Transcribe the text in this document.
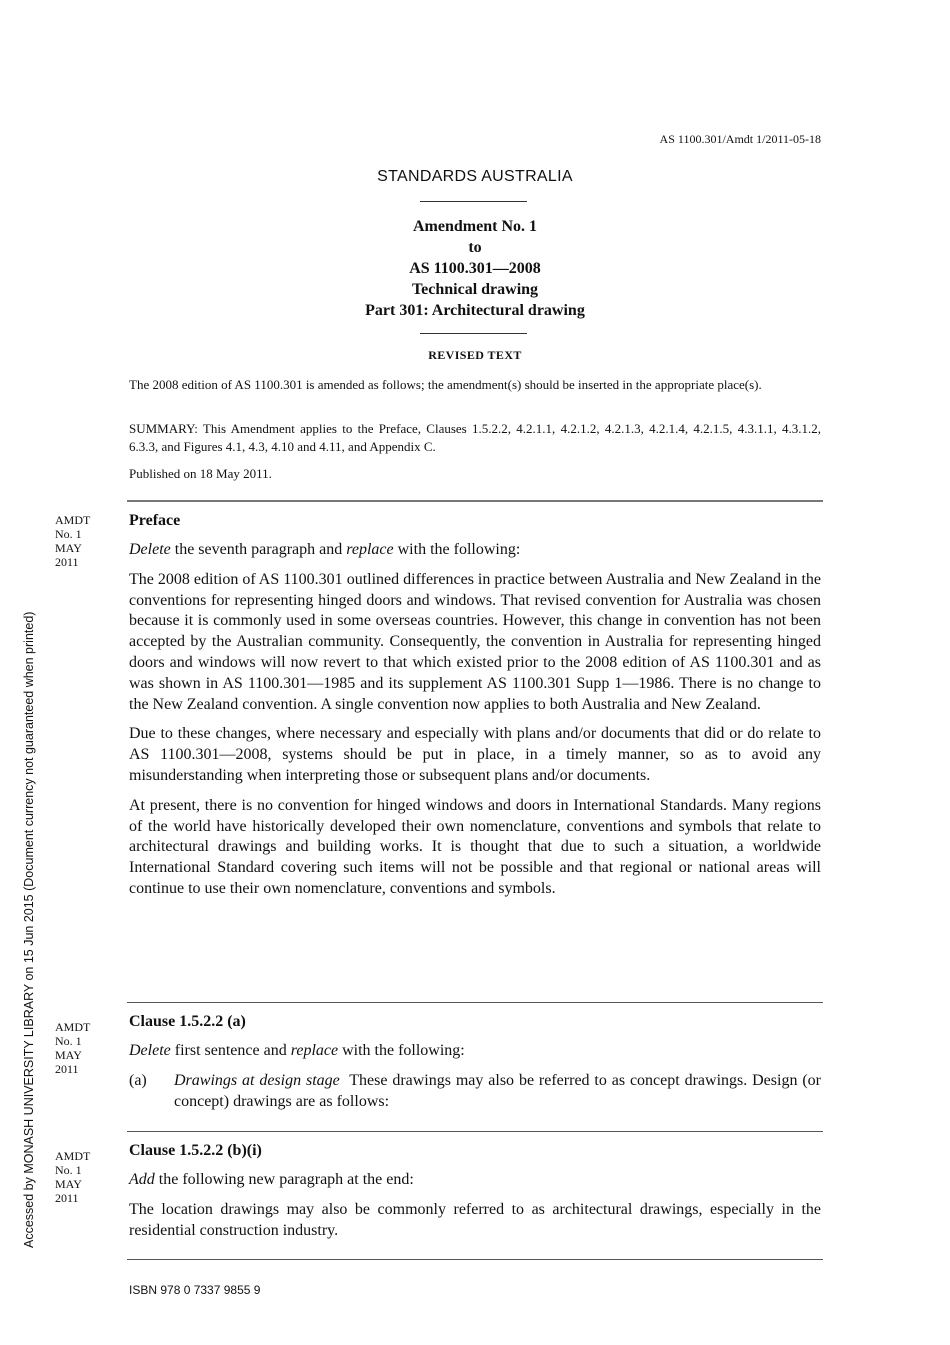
AS 1100.301/Amdt 1/2011-05-18
STANDARDS AUSTRALIA
Amendment No. 1
to
AS 1100.301—2008
Technical drawing
Part 301: Architectural drawing
REVISED TEXT

The 2008 edition of AS 1100.301 is amended as follows; the amendment(s) should be inserted in the appropriate place(s).

SUMMARY: This Amendment applies to the Preface, Clauses 1.5.2.2, 4.2.1.1, 4.2.1.2, 4.2.1.3, 4.2.1.4, 4.2.1.5, 4.3.1.1, 4.3.1.2, 6.3.3, and Figures 4.1, 4.3, 4.10 and 4.11, and Appendix C.

Published on 18 May 2011.

AMDT
No. 1
MAY
2011
Preface

Delete the seventh paragraph and replace with the following:

The 2008 edition of AS 1100.301 outlined differences in practice between Australia and New Zealand in the conventions for representing hinged doors and windows. That revised convention for Australia was chosen because it is commonly used in some overseas countries. However, this change in convention has not been accepted by the Australian community. Consequently, the convention in Australia for representing hinged doors and windows will now revert to that which existed prior to the 2008 edition of AS 1100.301 and as was shown in AS 1100.301—1985 and its supplement AS 1100.301 Supp 1—1986. There is no change to the New Zealand convention. A single convention now applies to both Australia and New Zealand.

Due to these changes, where necessary and especially with plans and/or documents that did or do relate to AS 1100.301—2008, systems should be put in place, in a timely manner, so as to avoid any misunderstanding when interpreting those or subsequent plans and/or documents.

At present, there is no convention for hinged windows and doors in International Standards. Many regions of the world have historically developed their own nomenclature, conventions and symbols that relate to architectural drawings and building works. It is thought that due to such a situation, a worldwide International Standard covering such items will not be possible and that regional or national areas will continue to use their own nomenclature, conventions and symbols.

AMDT
No. 1
MAY
2011
Clause 1.5.2.2 (a)

Delete first sentence and replace with the following:

(a)	Drawings at design stage  These drawings may also be referred to as concept drawings. Design (or concept) drawings are as follows:
AMDT
No. 1
MAY
2011
Clause 1.5.2.2 (b)(i)

Add the following new paragraph at the end:

The location drawings may also be commonly referred to as architectural drawings, especially in the residential construction industry.

Accessed by MONASH UNIVERSITY LIBRARY on 15 Jun 2015 (Document currency not guaranteed when printed)
ISBN 978 0 7337 9855 9
